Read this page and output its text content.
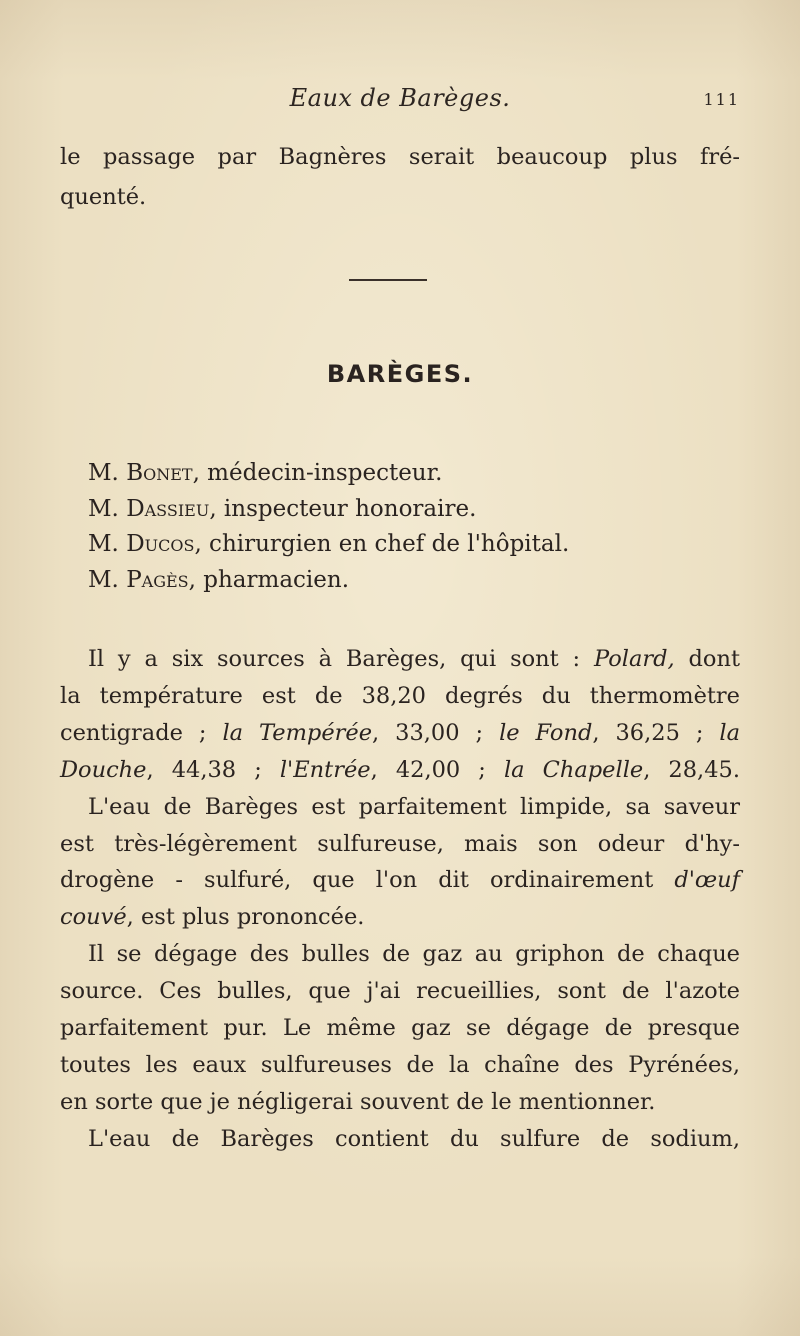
Eaux de Barèges.	111
le passage par Bagnères serait beaucoup plus fré-
quenté.
BARÈGES.
M. Bonet, médecin-inspecteur.
M. Dassieu, inspecteur honoraire.
M. Ducos, chirurgien en chef de l'hôpital.
M. Pagès, pharmacien.
Il y a six sources à Barèges, qui sont : Polard, dont
la température est de 38,20 degrés du thermomètre
centigrade ; la Tempérée, 33,00 ; le Fond, 36,25 ; la
Douche, 44,38 ; l'Entrée, 42,00 ; la Chapelle, 28,45.
L'eau de Barèges est parfaitement limpide, sa saveur
est très-légèrement sulfureuse, mais son odeur d'hy-
drogène - sulfuré, que l'on dit ordinairement d'œuf
couvé, est plus prononcée.
Il se dégage des bulles de gaz au griphon de chaque
source. Ces bulles, que j'ai recueillies, sont de l'azote
parfaitement pur. Le même gaz se dégage de presque
toutes les eaux sulfureuses de la chaîne des Pyrénées,
en sorte que je négligerai souvent de le mentionner.
L'eau de Barèges contient du sulfure de sodium,
